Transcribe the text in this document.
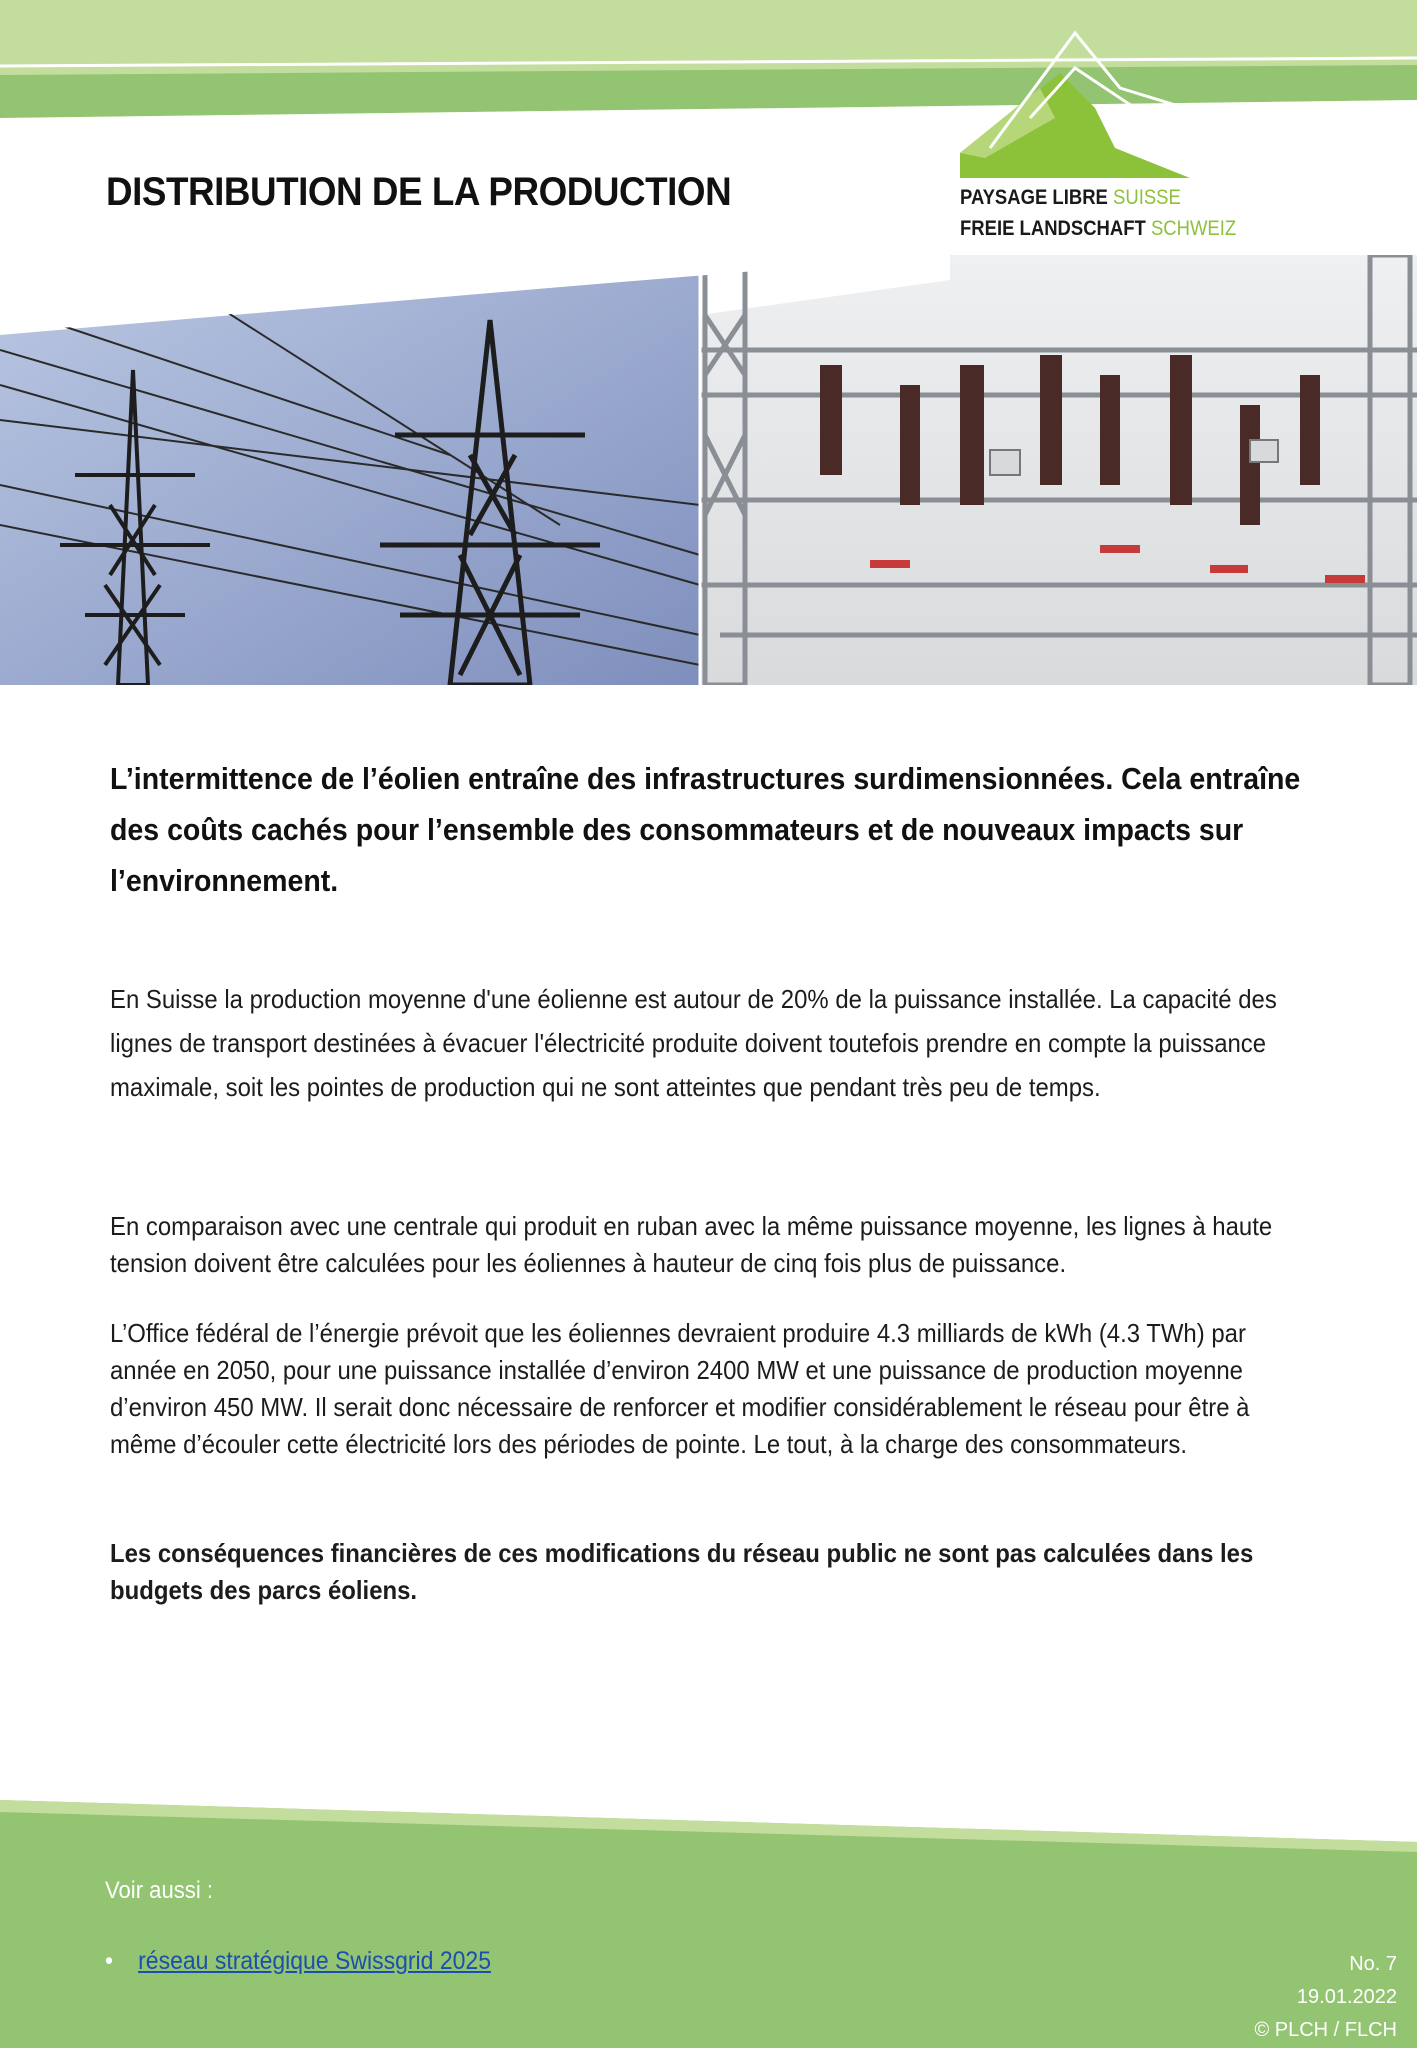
PAYSAGE LIBRE SUISSE
FREIE LANDSCHAFT SCHWEIZ
DISTRIBUTION DE LA PRODUCTION
L’intermittence de l’éolien entraîne des infrastructures surdimensionnées. Cela entraîne des coûts cachés pour l’ensemble des consommateurs et de nouveaux impacts sur l’environnement.
En Suisse la production moyenne d'une éolienne est autour de 20% de la puissance installée. La capacité des lignes de transport destinées à évacuer l'électricité produite doivent toutefois prendre en compte la puissance maximale, soit les pointes de production qui ne sont atteintes que pendant très peu de temps.
En comparaison avec une centrale qui produit en ruban avec la même puissance moyenne, les lignes à haute tension doivent être calculées pour les éoliennes à hauteur de cinq fois plus de puissance.
L’Office fédéral de l’énergie prévoit que les éoliennes devraient produire 4.3 milliards de kWh (4.3 TWh) par année en 2050, pour une puissance installée d’environ 2400 MW et une puissance de production moyenne d’environ 450 MW. Il serait donc nécessaire de renforcer et modifier considérablement le réseau pour être à même d’écouler cette électricité lors des périodes de pointe. Le tout, à la charge des consommateurs.
Les conséquences financières de ces modifications du réseau public ne sont pas calculées dans les budgets des parcs éoliens.
Voir aussi :
• réseau stratégique Swissgrid 2025	No. 7
19.01.2022
© PLCH / FLCH
